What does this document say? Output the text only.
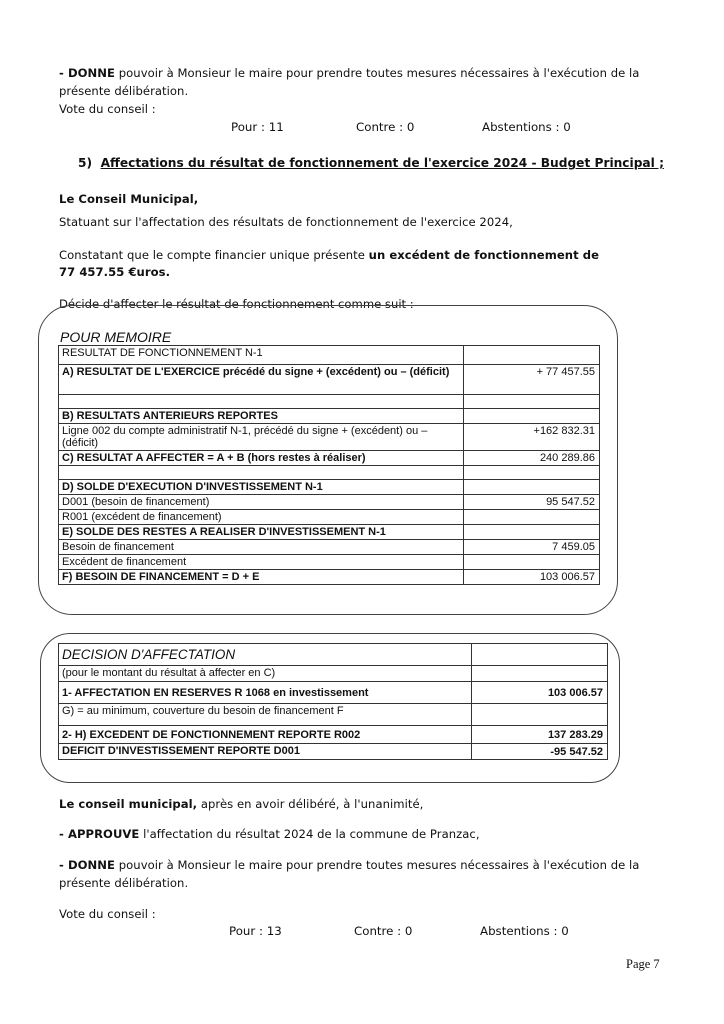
- DONNE pouvoir à Monsieur le maire pour prendre toutes mesures nécessaires à l'exécution de la
présente délibération.
Vote du conseil :
Pour : 11	Contre : 0	Abstentions : 0
5) Affectations du résultat de fonctionnement de l'exercice 2024 - Budget Principal ;
Le Conseil Municipal,
Statuant sur l'affectation des résultats de fonctionnement de l'exercice 2024,
Constatant que le compte financier unique présente un excédent de fonctionnement de
77 457.55 €uros.
Décide d'affecter le résultat de fonctionnement comme suit :
POUR MEMOIRE
RESULTAT DE FONCTIONNEMENT N-1	
A) RESULTAT DE L'EXERCICE précédé du signe + (excédent) ou – (déficit)	+ 77 457.55

B) RESULTATS ANTERIEURS REPORTES	
Ligne 002 du compte administratif N-1, précédé du signe + (excédent) ou – (déficit)	+162 832.31
C) RESULTAT A AFFECTER = A + B (hors restes à réaliser)	240 289.86

D) SOLDE D'EXECUTION D'INVESTISSEMENT N-1	
D001 (besoin de financement)	95 547.52
R001 (excédent de financement)	
E) SOLDE DES RESTES A REALISER D'INVESTISSEMENT N-1	
Besoin de financement	7 459.05
Excédent de financement	
F) BESOIN DE FINANCEMENT = D + E	103 006.57
DECISION D'AFFECTATION	
(pour le montant du résultat à affecter en C)	
1- AFFECTATION EN RESERVES R 1068 en investissement	103 006.57
G) = au minimum, couverture du besoin de financement F	
2- H) EXCEDENT DE FONCTIONNEMENT REPORTE R002	137 283.29
DEFICIT D'INVESTISSEMENT REPORTE D001	-95 547.52
Le conseil municipal, après en avoir délibéré, à l'unanimité,
- APPROUVE l'affectation du résultat 2024 de la commune de Pranzac,
- DONNE pouvoir à Monsieur le maire pour prendre toutes mesures nécessaires à l'exécution de la
présente délibération.
Vote du conseil :
Pour : 13	Contre : 0	Abstentions : 0
Page 7
